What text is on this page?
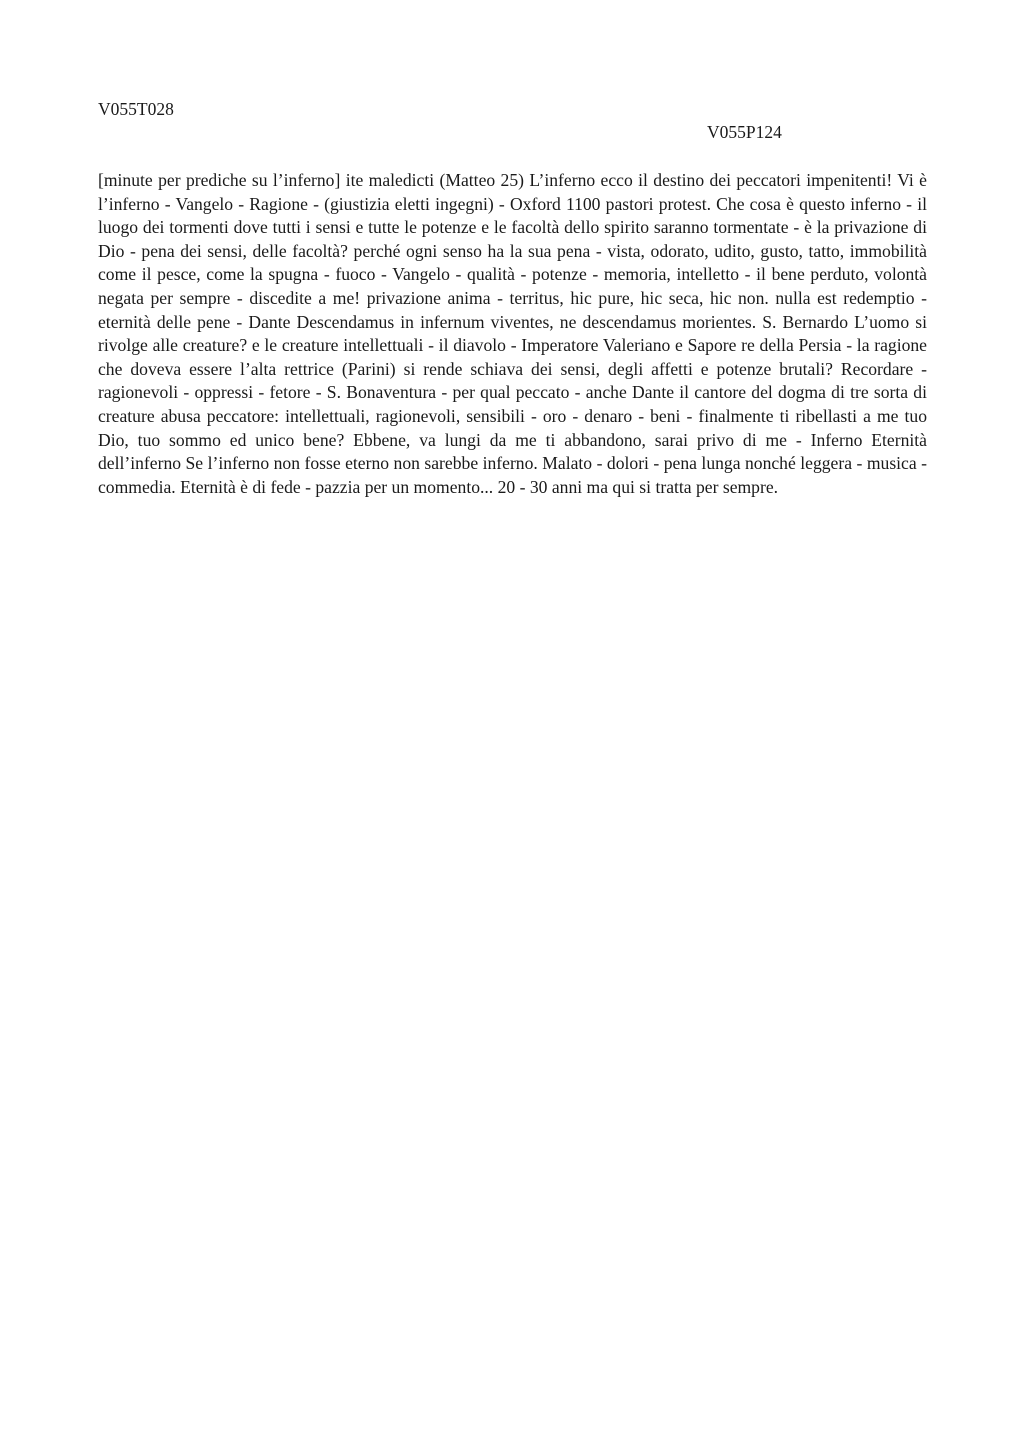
V055T028
V055P124

[minute per prediche su l’inferno] ite maledicti (Matteo 25) L’inferno ecco il destino dei peccatori impenitenti! Vi è l’inferno - Vangelo - Ragione - (giustizia eletti ingegni) - Oxford 1100 pastori protest. Che cosa è questo inferno - il luogo dei tormenti dove tutti i sensi e tutte le potenze e le facoltà dello spirito saranno tormentate - è la privazione di Dio - pena dei sensi, delle facoltà? perché ogni senso ha la sua pena - vista, odorato, udito, gusto, tatto, immobilità come il pesce, come la spugna - fuoco - Vangelo - qualità - potenze - memoria, intelletto - il bene perduto, volontà negata per sempre - discedite a me! privazione anima - territus, hic pure, hic seca, hic non. nulla est redemptio - eternità delle pene - Dante Descendamus in infernum viventes, ne descendamus morientes. S. Bernardo L’uomo si rivolge alle creature? e le creature intellettuali - il diavolo - Imperatore Valeriano e Sapore re della Persia - la ragione che doveva essere l’alta rettrice (Parini) si rende schiava dei sensi, degli affetti e potenze brutali? Recordare - ragionevoli - oppressi - fetore - S. Bonaventura - per qual peccato - anche Dante il cantore del dogma di tre sorta di creature abusa peccatore: intellettuali, ragionevoli, sensibili - oro - denaro - beni - finalmente ti ribellasti a me tuo Dio, tuo sommo ed unico bene? Ebbene, va lungi da me ti abbandono, sarai privo di me - Inferno Eternità dell’inferno Se l’inferno non fosse eterno non sarebbe inferno. Malato - dolori - pena lunga nonché leggera - musica - commedia. Eternità è di fede - pazzia per un momento... 20 - 30 anni ma qui si tratta per sempre.
